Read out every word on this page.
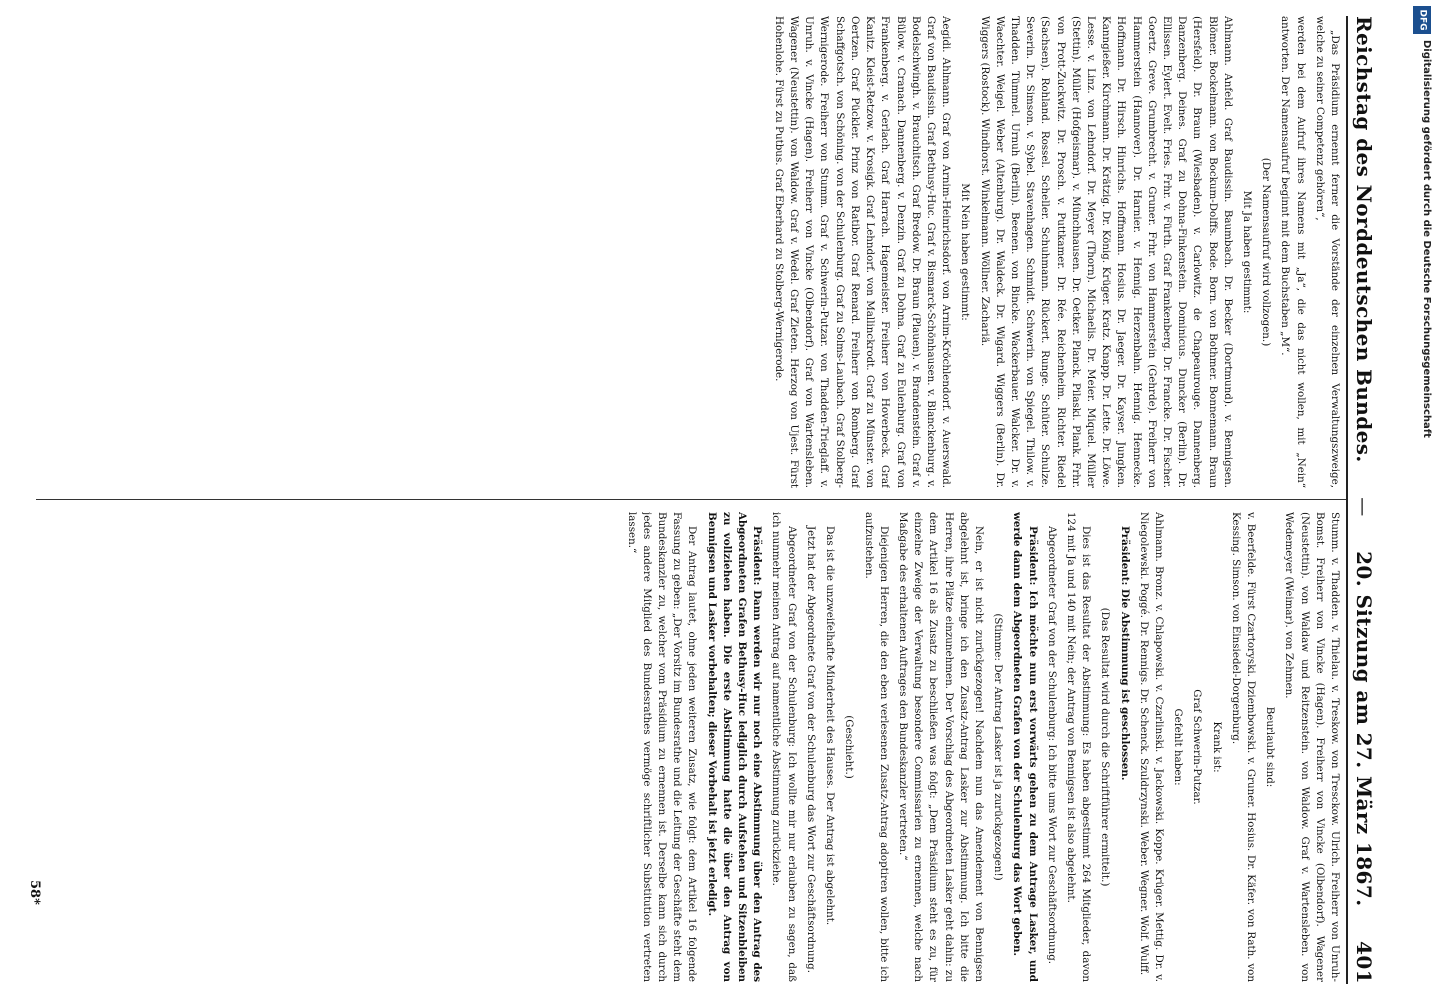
Reichstag des Norddeutschen Bundes.
—
20. Sitzung am 27. März 1867.
401

„Das Präsidium ernennt ferner die Vorstände der einzelnen Verwaltungszweige, welche zu seiner Competenz gehören“,

werden bei dem Aufruf ihres Namens mit „Ja“, die das nicht wollen, mit „Nein“ antworten. Der Namensaufruf beginnt mit dem Buchstaben „M“.

(Der Namensaufruf wird vollzogen.)

Mit Ja haben gestimmt:

Ahlmann. Anfeld. Graf Baudissin. Baumbach. Dr. Becker (Dortmund). v. Bennigsen. Blömer. Bockelmann. von Bockum-Dolffs. Bode. Born. von Bothmer. Bonnemann. Braun (Hersfeld). Dr. Braun (Wiesbaden). v. Carlowitz. de Chapeaurouge. Dannenberg. Danzenberg. Deines. Graf zu Dohna-Finkenstein. Dominicus. Duncker (Berlin). Dr. Ellissen. Eylert. Evelt. Fries. Frhr. v. Fürth. Graf Frankenberg. Dr. Francke. Dr. Fischer. Goertz. Greve. Grumbrecht. v. Gruner. Frhr. von Hammerstein (Gehrde). Freiherr von Hammerstein (Hannover). Dr. Harnier. v. Hennig. Herzenbahn. Hennig. Hennecke. Hoffmann. Dr. Hirsch. Hinrichs. Hoffmann. Hosius. Dr. Jaeger. Dr. Kayser. Jungken. Kanngießer. Kirchmann. Dr. Krätzig. Dr. König. Krüger. Kratz. Knapp. Dr. Lette. Dr. Löwe. Lesse. v. Linz. von Lehndorf. Dr. Meyer (Thorn). Michaelis. Dr. Meier. Miquel. Müller (Stettin). Müller (Hofgeismar). v. Münchhausen. Dr. Oetker. Planck. Pilaski. Plank. Frhr. von Prott-Zuckwitz. Dr. Prosch. v. Puttkamer. Dr. Rée. Reichenheim. Richter. Riedel (Sachsen). Rohland. Rossel. Scheller. Schuhmann. Rückert. Runge. Schüter. Schulze. Severin. Dr. Simson. v. Sybel. Stavenhagen. Schmidt. Schwerin. von Spiegel. Thilow. v. Thadden. Tümmel. Urnuh (Berlin). Beenen. von Bincke. Wackerbauer. Walcker. Dr. v. Waechter. Weigel. Weber (Altenburg). Dr. Waldeck. Dr. Wigard. Wiggers (Berlin). Dr. Wiggers (Rostock). Windhorst. Winkelmann. Wöllner. Zachariä.

Mit Nein haben gestimmt:

Aegidi. Ahlmann. Graf von Arnim-Heinrichsdorf. von Arnim-Kröchlendorf. v. Auerswald. Graf von Baudissin. Graf Bethusy-Huc. Graf v. Bismarck-Schönhausen. v. Blanckenburg. v. Bodelschwingh. v. Brauchitsch. Graf Bredow. Dr. Braun (Plauen). v. Brandenstein. Graf v. Bülow. v. Cranach. Dannenberg. v. Denzin. Graf zu Dohna. Graf zu Eulenburg. Graf von Frankenberg. v. Gerlach. Graf Harrach. Hagemeister. Freiherr von Hoverbeck. Graf Kanitz. Kleist-Retzow. v. Krosigk. Graf Lehndorf. von Mallinckrodt. Graf zu Münster. von Oertzen. Graf Pückler. Prinz von Ratibor. Graf Renard. Freiherr von Romberg. Graf Schaffgotsch. von Schöning. von der Schulenburg. Graf zu Solms-Laubach. Graf Stolberg-Wernigerode. Freiherr von Stumm. Graf v. Schwerin-Putzar. von Thadden-Trieglaff. v. Unruh. v. Vincke (Hagen). Freiherr von Vincke (Olbendorf). Graf von Wartensleben. Wagener (Neustettin). von Waldow. Graf v. Wedel. Graf Zieten. Herzog von Ujest. Fürst Hohenlohe. Fürst zu Putbus. Graf Eberhard zu Stolberg-Wernigerode.

Stumm. v. Thadden. v. Thielau. v. Treskow. von Tresckow. Ulrich. Freiherr von Unruh-Bomst. Freiherr von Vincke (Hagen). Freiherr von Vincke (Olbendorf). Wagener (Neustettin). von Waldaw und Reitzenstein. von Waldow. Graf v. Wartensleben. von Wedemeyer (Weimar). von Zehmen.

Beurlaubt sind:

v. Beerfelde. Fürst Czartoryski. Dziembowski. v. Gruner. Hosius. Dr. Käfer. von Rath. von Kessing. Simson. von Einsiedel-Dorgenburg.

Krank ist:

Graf Schwerin-Putzar.

Gefehlt haben:

Ahlmann. Bronz. v. Chlapowski. v. Czarlinski. v. Jackowski. Koppe. Krüger. Mettig. Dr. v. Niegolewski. Poggé. Dr. Rennigs. Dr. Schenck. Szuldrzynski. Weber. Wegner. Wolf. Wulff.

Präsident: Die Abstimmung ist geschlossen.

(Das Resultat wird durch die Schriftführer ermittelt.)

Dies ist das Resultat der Abstimmung: Es haben abgestimmt 264 Mitglieder, davon 124 mit Ja und 140 mit Nein; der Antrag von Bennigsen ist also abgelehnt.

Abgeordneter Graf von der Schulenburg: Ich bitte ums Wort zur Geschäftsordnung.

Präsident: Ich möchte nun erst vorwärts gehen zu dem Antrage Lasker, und werde dann dem Abgeordneten Grafen von der Schulenburg das Wort geben.

(Stimme: Der Antrag Lasker ist ja zurückgezogen!)

Nein, er ist nicht zurückgezogen! Nachdem nun das Amendement von Bennigsen abgelehnt ist, bringe ich den Zusatz-Antrag Lasker zur Abstimmung. Ich bitte die Herren, ihre Plätze einzunehmen. Der Vorschlag des Abgeordneten Lasker geht dahin: zu dem Artikel 16 als Zusatz zu beschließen was folgt: „Dem Präsidium steht es zu, für einzelne Zweige der Verwaltung besondere Commissarien zu ernennen, welche nach Maßgabe des erhaltenen Auftrages den Bundeskanzler vertreten.“

Diejenigen Herren, die den eben verlesenen Zusatz-Antrag adoptiren wollen, bitte ich aufzustehen.

(Geschieht.)

Das ist die unzweifelhafte Minderheit des Hauses. Der Antrag ist abgelehnt.

Jetzt hat der Abgeordnete Graf von der Schulenburg das Wort zur Geschäftsordnung.

Abgeordneter Graf von der Schulenburg: Ich wollte mir nur erlauben zu sagen, daß ich nunmehr meinen Antrag auf namentliche Abstimmung zurückziehe.

Präsident: Dann werden wir nur noch eine Abstimmung über den Antrag des Abgeordneten Grafen Bethusy-Huc lediglich durch Aufstehen und Sitzenbleiben zu vollziehen haben. Die erste Abstimmung hatte die über den Antrag von Bennigsen und Lasker vorbehalten; dieser Vorbehalt ist jetzt erledigt.

Der Antrag lautet, ohne jeden weiteren Zusatz, wie folgt: dem Artikel 16 folgende Fassung zu geben: „Der Vorsitz im Bundesrathe und die Leitung der Geschäfte steht dem Bundeskanzler zu, welcher vom Präsidium zu ernennen ist. Derselbe kann sich durch jedes andere Mitglied des Bundesrathes vermöge schriftlicher Substitution vertreten lassen.“

58*
DFG
Digitalisierung gefördert durch die Deutsche Forschungsgemeinschaft
